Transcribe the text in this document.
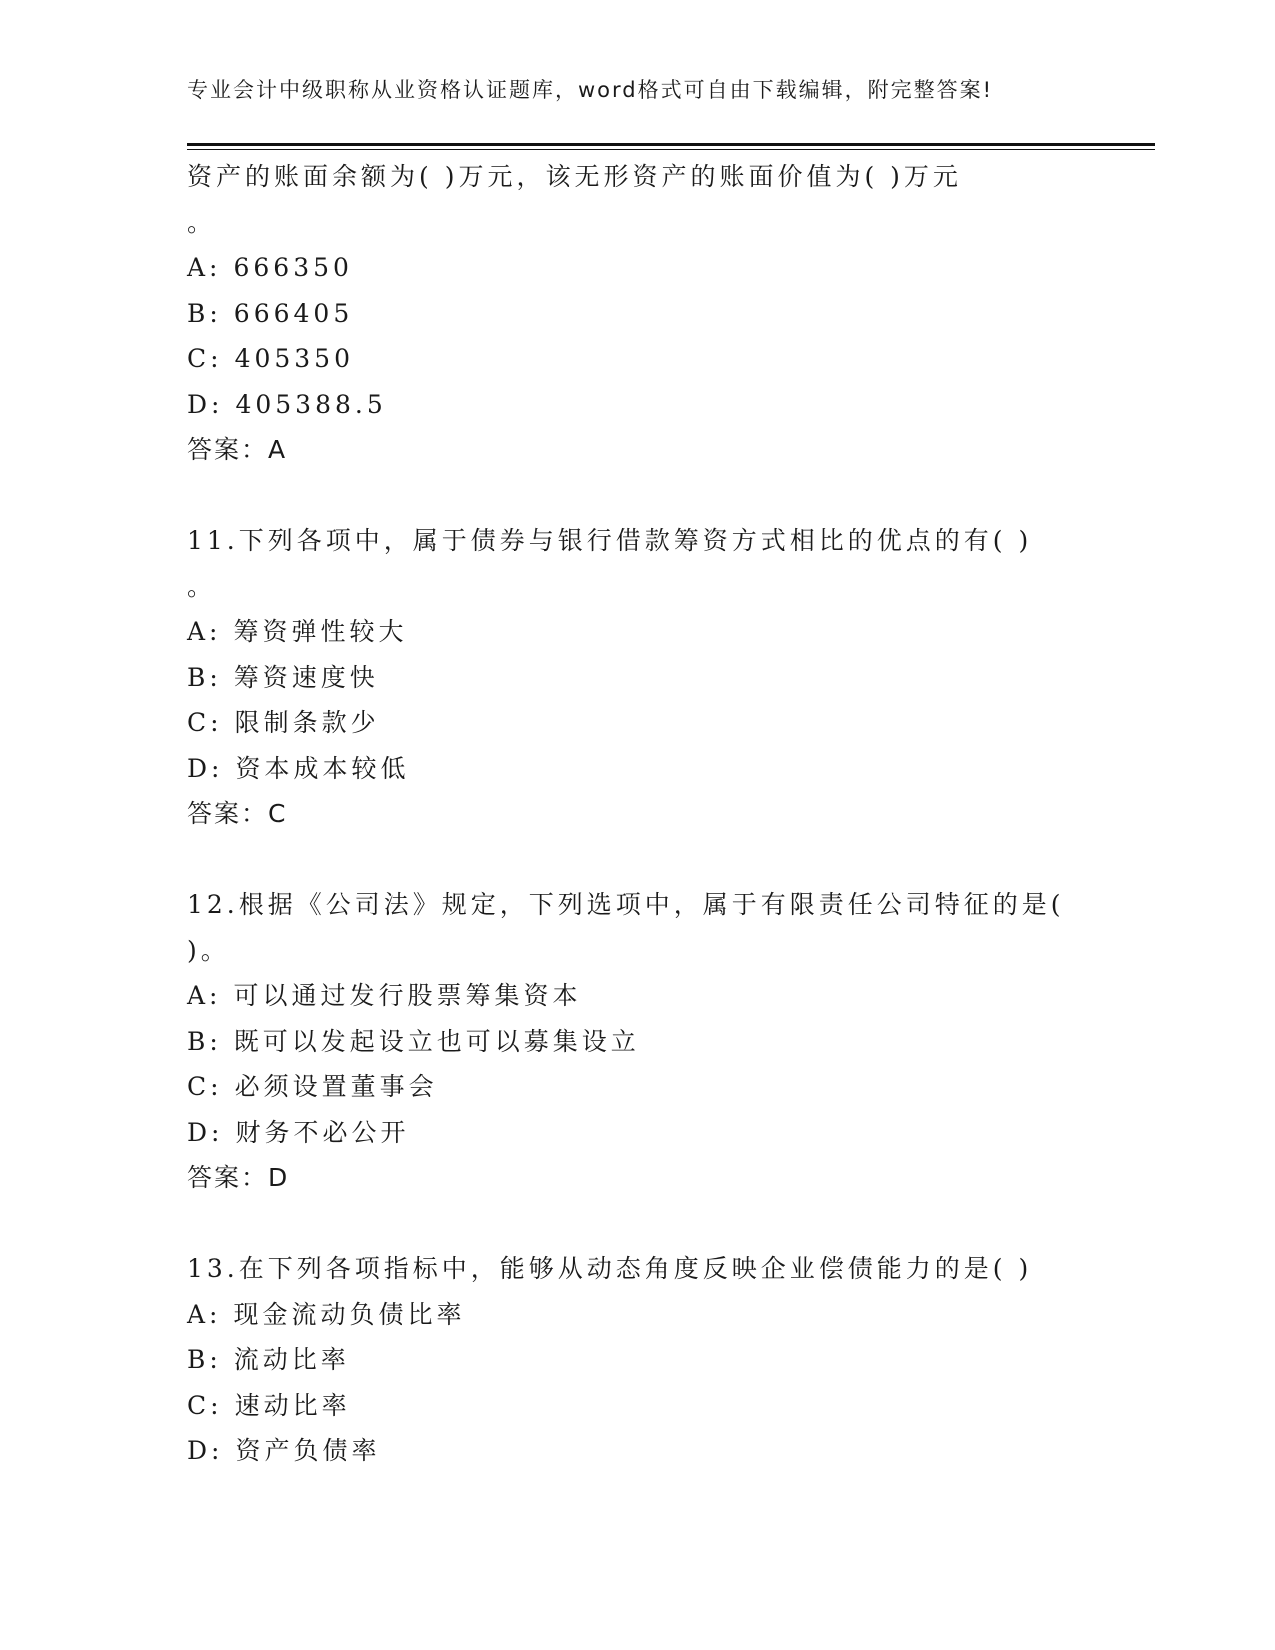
专业会计中级职称从业资格认证题库，word格式可自由下载编辑，附完整答案!
资产的账面余额为( )万元，该无形资产的账面价值为( )万元
。
A: 666350
B: 666405
C: 405350
D: 405388.5
答案：A
11.下列各项中，属于债券与银行借款筹资方式相比的优点的有( )
。
A: 筹资弹性较大
B: 筹资速度快
C: 限制条款少
D: 资本成本较低
答案：C
12.根据《公司法》规定，下列选项中，属于有限责任公司特征的是(
)。
A: 可以通过发行股票筹集资本
B: 既可以发起设立也可以募集设立
C: 必须设置董事会
D: 财务不必公开
答案：D
13.在下列各项指标中，能够从动态角度反映企业偿债能力的是( )
A: 现金流动负债比率
B: 流动比率
C: 速动比率
D: 资产负债率
